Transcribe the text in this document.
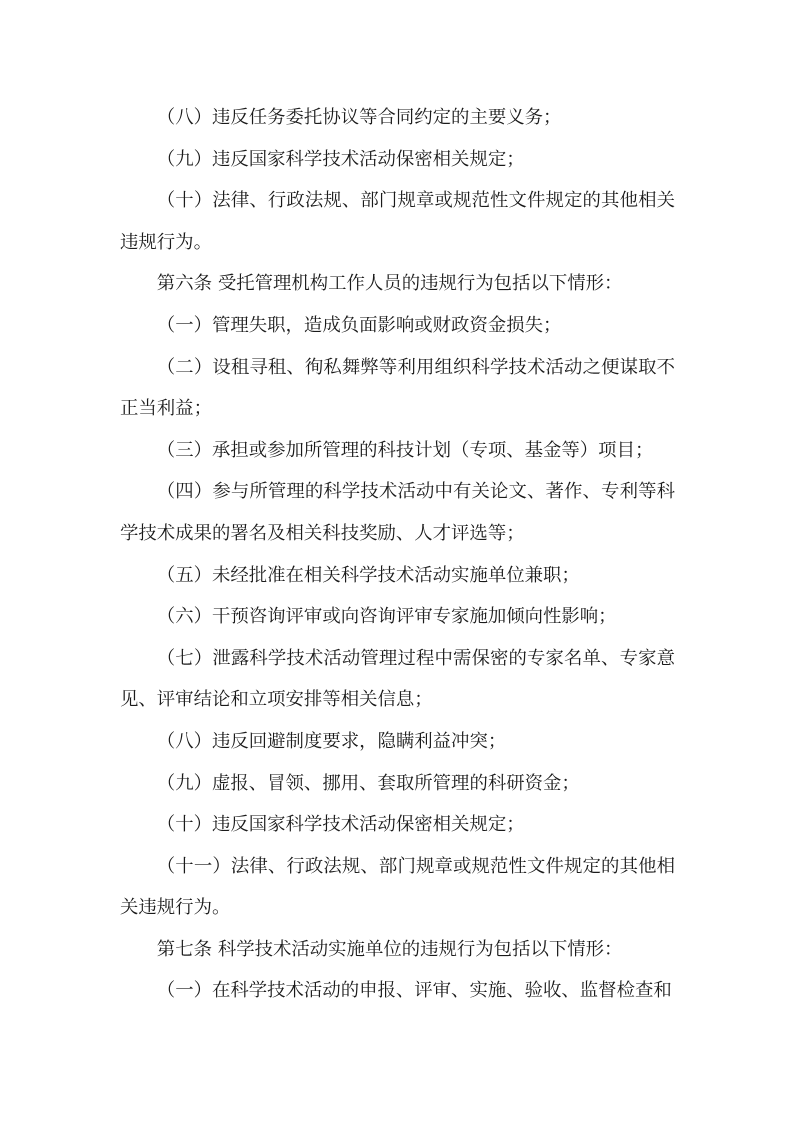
（八）违反任务委托协议等合同约定的主要义务；

（九）违反国家科学技术活动保密相关规定；

（十）法律、行政法规、部门规章或规范性文件规定的其他相关违规行为。

第六条 受托管理机构工作人员的违规行为包括以下情形：

（一）管理失职，造成负面影响或财政资金损失；

（二）设租寻租、徇私舞弊等利用组织科学技术活动之便谋取不正当利益；

（三）承担或参加所管理的科技计划（专项、基金等）项目；

（四）参与所管理的科学技术活动中有关论文、著作、专利等科学技术成果的署名及相关科技奖励、人才评选等；

（五）未经批准在相关科学技术活动实施单位兼职；

（六）干预咨询评审或向咨询评审专家施加倾向性影响；

（七）泄露科学技术活动管理过程中需保密的专家名单、专家意见、评审结论和立项安排等相关信息；

（八）违反回避制度要求，隐瞒利益冲突；

（九）虚报、冒领、挪用、套取所管理的科研资金；

（十）违反国家科学技术活动保密相关规定；

（十一）法律、行政法规、部门规章或规范性文件规定的其他相关违规行为。

第七条 科学技术活动实施单位的违规行为包括以下情形：

（一）在科学技术活动的申报、评审、实施、验收、监督检查和
